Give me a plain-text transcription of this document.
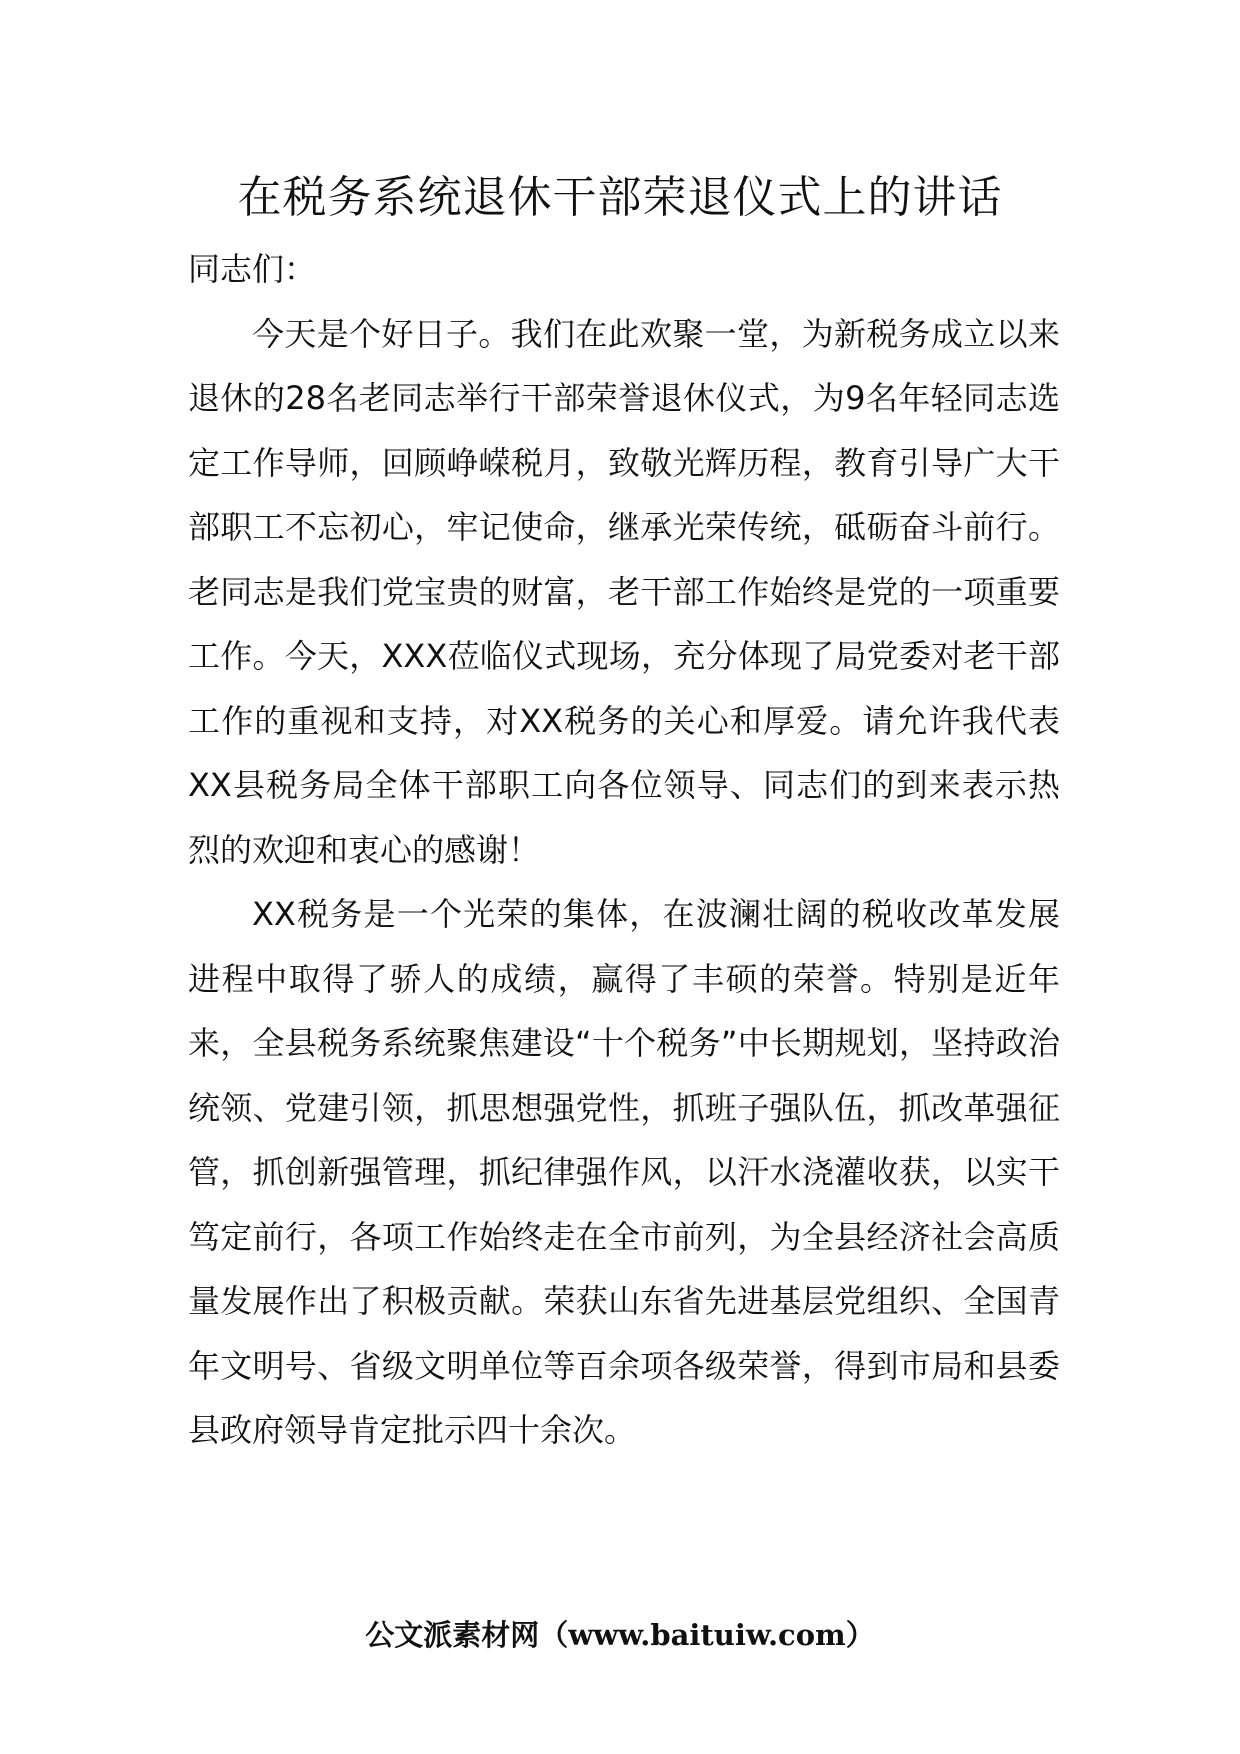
在税务系统退休干部荣退仪式上的讲话

同志们：

今天是个好日子。我们在此欢聚一堂，为新税务成立以来退休的28名老同志举行干部荣誉退休仪式，为9名年轻同志选定工作导师，回顾峥嵘税月，致敬光辉历程，教育引导广大干部职工不忘初心，牢记使命，继承光荣传统，砥砺奋斗前行。老同志是我们党宝贵的财富，老干部工作始终是党的一项重要工作。今天，XXX莅临仪式现场，充分体现了局党委对老干部工作的重视和支持，对XX税务的关心和厚爱。请允许我代表XX县税务局全体干部职工向各位领导、同志们的到来表示热烈的欢迎和衷心的感谢！

XX税务是一个光荣的集体，在波澜壮阔的税收改革发展进程中取得了骄人的成绩，赢得了丰硕的荣誉。特别是近年来，全县税务系统聚焦建设“十个税务”中长期规划，坚持政治统领、党建引领，抓思想强党性，抓班子强队伍，抓改革强征管，抓创新强管理，抓纪律强作风，以汗水浇灌收获，以实干笃定前行，各项工作始终走在全市前列，为全县经济社会高质量发展作出了积极贡献。荣获山东省先进基层党组织、全国青年文明号、省级文明单位等百余项各级荣誉，得到市局和县委县政府领导肯定批示四十余次。

公文派素材网（www.baituiw.com）
